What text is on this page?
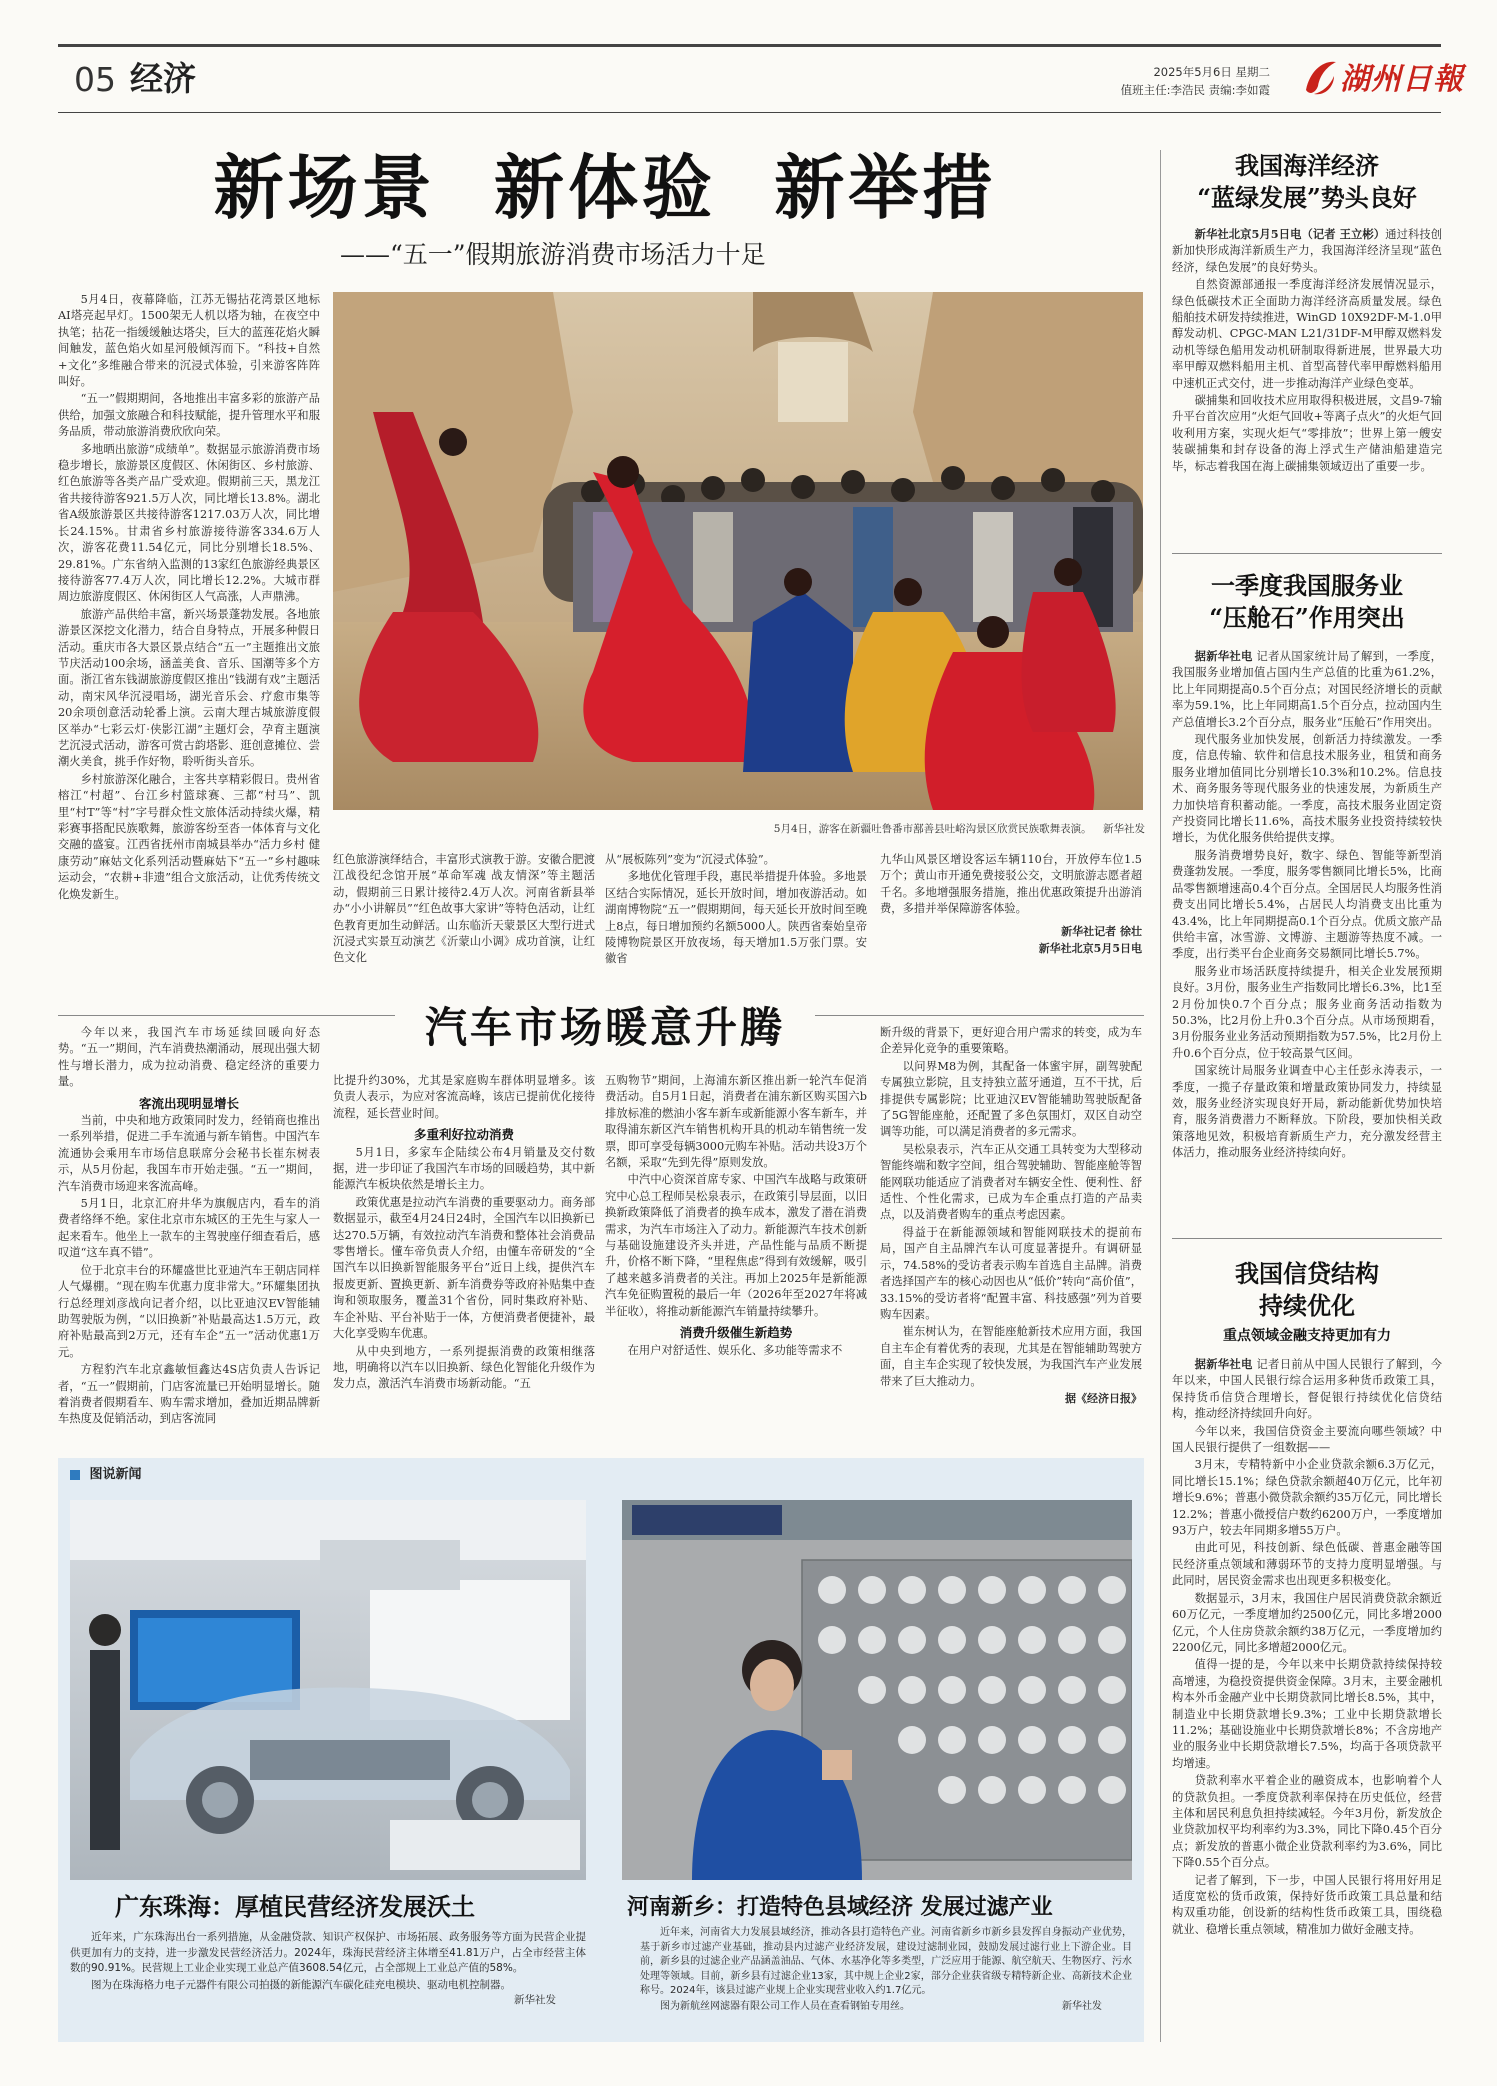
05 经济	2025年5月6日 星期二
值班主任:李浩民 责编:李如霞 湖州日報
新场景 新体验 新举措
——“五一”假期旅游消费市场活力十足

5月4日，夜幕降临，江苏无锡拈花湾景区地标AI塔亮起早灯。1500架无人机以塔为轴，在夜空中执笔；拈花一指缓缓触达塔尖，巨大的蓝莲花焰火瞬间触发，蓝色焰火如星河般倾泻而下。“科技+自然+文化”多维融合带来的沉浸式体验，引来游客阵阵叫好。

“五一”假期期间，各地推出丰富多彩的旅游产品供给，加强文旅融合和科技赋能，提升管理水平和服务品质，带动旅游消费欣欣向荣。

多地晒出旅游“成绩单”。数据显示旅游消费市场稳步增长，旅游景区度假区、休闲街区、乡村旅游、红色旅游等各类产品广受欢迎。假期前三天，黑龙江省共接待游客921.5万人次，同比增长13.8%。湖北省A级旅游景区共接待游客1217.03万人次，同比增长24.15%。甘肃省乡村旅游接待游客334.6万人次，游客花费11.54亿元，同比分别增长18.5%、29.81%。广东省纳入监测的13家红色旅游经典景区接待游客77.4万人次，同比增长12.2%。大城市群周边旅游度假区、休闲街区人气高涨，人声鼎沸。

旅游产品供给丰富，新兴场景蓬勃发展。各地旅游景区深挖文化潜力，结合自身特点，开展多种假日活动。重庆市各大景区景点结合“五一”主题推出文旅节庆活动100余场，涵盖美食、音乐、国潮等多个方面。浙江省东钱湖旅游度假区推出“钱湖有戏”主题活动，南宋风华沉浸唱场，湖光音乐会、疗愈市集等20余项创意活动轮番上演。云南大理古城旅游度假区举办“七彩云灯·侠影江湖”主题灯会，孕育主题演艺沉浸式活动，游客可赏古韵塔影、逛创意摊位、尝潮火美食，挑手作好物，聆听街头音乐。

乡村旅游深化融合，主客共享精彩假日。贵州省榕江“村超”、台江乡村篮球赛、三都“村马”、凯里“村T”等“村”字号群众性文旅体活动持续火爆，精彩赛事搭配民族歌舞，旅游客纷至沓一体体育与文化交融的盛宴。江西省抚州市南城县举办“活力乡村 健康劳动”麻姑文化系列活动暨麻姑下“五一”乡村趣味运动会，“农耕+非遗”组合文旅活动，让优秀传统文化焕发新生。

5月4日，游客在新疆吐鲁番市鄯善县吐峪沟景区欣赏民族歌舞表演。 新华社发

红色旅游演绎结合，丰富形式演教于游。安徽合肥渡江战役纪念馆开展“革命军魂 战友情深”等主题活动，假期前三日累计接待2.4万人次。河南省新县举办“小小讲解员”“红色故事大家讲”等特色活动，让红色教育更加生动鲜活。山东临沂天蒙景区大型行进式沉浸式实景互动演艺《沂蒙山小调》成功首演，让红色文化

从“展板陈列”变为“沉浸式体验”。

多地优化管理手段，惠民举措提升体验。多地景区结合实际情况，延长开放时间，增加夜游活动。如湖南博物院“五一”假期期间，每天延长开放时间至晚上8点，每日增加预约名额5000人。陕西省秦始皇帝陵博物院景区开放夜场，每天增加1.5万张门票。安徽省

九华山风景区增设客运车辆110台，开放停车位1.5万个；黄山市开通免费接驳公交，文明旅游志愿者超千名。多地增强服务措施，推出优惠政策提升出游消费，多措并举保障游客体验。

新华社记者 徐壮

新华社北京5月5日电

汽车市场暖意升腾

今年以来，我国汽车市场延续回暖向好态势。“五一”期间，汽车消费热潮涌动，展现出强大韧性与增长潜力，成为拉动消费、稳定经济的重要力量。

客流出现明显增长

当前，中央和地方政策同时发力，经销商也推出一系列举措，促进二手车流通与新车销售。中国汽车流通协会乘用车市场信息联席分会秘书长崔东树表示，从5月份起，我国车市开始走强。“五一”期间，汽车消费市场迎来客流高峰。

5月1日，北京汇府井华为旗舰店内，看车的消费者络绎不绝。家住北京市东城区的王先生与家人一起来看车。他坐上一款车的主驾驶座仔细查看后，感叹道“这车真不错”。

位于北京丰台的环耀盛世比亚迪汽车王朝店同样人气爆棚。“现在购车优惠力度非常大。”环耀集团执行总经理刘彦战向记者介绍，以比亚迪汉EV智能辅助驾驶版为例，“以旧换新”补贴最高达1.5万元，政府补贴最高到2万元，还有车企“五一”活动优惠1万元。

方程豹汽车北京鑫敏恒鑫达4S店负责人告诉记者，“五一”假期前，门店客流量已开始明显增长。随着消费者假期看车、购车需求增加，叠加近期品牌新车热度及促销活动，到店客流同

比提升约30%，尤其是家庭购车群体明显增多。该负责人表示，为应对客流高峰，该店已提前优化接待流程，延长营业时间。

多重利好拉动消费

5月1日，多家车企陆续公布4月销量及交付数据，进一步印证了我国汽车市场的回暖趋势，其中新能源汽车板块依然是增长主力。

政策优惠是拉动汽车消费的重要驱动力。商务部数据显示，截至4月24日24时，全国汽车以旧换新已达270.5万辆，有效拉动汽车消费和整体社会消费品零售增长。懂车帝负责人介绍，由懂车帝研发的“全国汽车以旧换新智能服务平台”近日上线，提供汽车报废更新、置换更新、新车消费券等政府补贴集中查询和领取服务，覆盖31个省份，同时集政府补贴、车企补贴、平台补贴于一体，方便消费者便捷补，最大化享受购车优惠。

从中央到地方，一系列提振消费的政策相继落地，明确将以汽车以旧换新、绿色化智能化升级作为发力点，激活汽车消费市场新动能。“五

五购物节”期间，上海浦东新区推出新一轮汽车促消费活动。自5月1日起，消费者在浦东新区购买国六b排放标准的燃油小客车新车或新能源小客车新车，并取得浦东新区汽车销售机构开具的机动车销售统一发票，即可享受每辆3000元购车补贴。活动共设3万个名额，采取“先到先得”原则发放。

中汽中心资深首席专家、中国汽车战略与政策研究中心总工程师吴松泉表示，在政策引导层面，以旧换新政策降低了消费者的换车成本，激发了潜在消费需求，为汽车市场注入了动力。新能源汽车技术创新与基础设施建设齐头并进，产品性能与品质不断提升，价格不断下降，“里程焦虑”得到有效缓解，吸引了越来越多消费者的关注。再加上2025年是新能源汽车免征购置税的最后一年（2026年至2027年将减半征收），将推动新能源汽车销量持续攀升。

消费升级催生新趋势

在用户对舒适性、娱乐化、多功能等需求不

断升级的背景下，更好迎合用户需求的转变，成为车企差异化竞争的重要策略。

以问界M8为例，其配备一体蜜宇屏，副驾驶配专属独立影院，且支持独立蓝牙通道，互不干扰，后排提供专属影院；比亚迪汉EV智能辅助驾驶版配备了5G智能座舱，还配置了多色氛围灯，双区自动空调等功能，可以满足消费者的多元需求。

吴松泉表示，汽车正从交通工具转变为大型移动智能终端和数字空间，组合驾驶辅助、智能座舱等智能网联功能适应了消费者对车辆安全性、便利性、舒适性、个性化需求，已成为车企重点打造的产品卖点，以及消费者购车的重点考虑因素。

得益于在新能源领域和智能网联技术的提前布局，国产自主品牌汽车认可度显著提升。有调研显示，74.58%的受访者表示购车首选自主品牌。消费者选择国产车的核心动因也从“低价”转向“高价值”，33.15%的受访者将“配置丰富、科技感强”列为首要购车因素。

崔东树认为，在智能座舱新技术应用方面，我国自主车企有着优秀的表现，尤其是在智能辅助驾驶方面，自主车企实现了较快发展，为我国汽车产业发展带来了巨大推动力。

据《经济日报》

图说新闻
广东珠海：厚植民营经济发展沃土

近年来，广东珠海出台一系列措施，从金融贷款、知识产权保护、市场拓展、政务服务等方面为民营企业提供更加有力的支持，进一步激发民营经济活力。2024年，珠海民营经济主体增至41.81万户，占全市经营主体数的90.91%。民营规上工业企业实现工业总产值3608.54亿元，占全部规上工业总产值的58%。

图为在珠海格力电子元器件有限公司拍摄的新能源汽车碳化硅充电模块、驱动电机控制器。
新华社发

河南新乡：打造特色县域经济 发展过滤产业

近年来，河南省大力发展县域经济，推动各县打造特色产业。河南省新乡市新乡县发挥自身振动产业优势，基于新乡市过滤产业基础，推动县内过滤产业经济发展，建设过滤制业园，鼓励发展过滤行业上下游企业。目前，新乡县的过滤企业产品涵盖油品、气体、水基净化等多类型，广泛应用于能源、航空航天、生物医疗、污水处理等领域。目前，新乡县有过滤企业13家，其中规上企业2家，部分企业获省级专精特新企业、高新技术企业称号。2024年，该县过滤产业规上企业实现营业收入约1.7亿元。

图为新航丝网滤器有限公司工作人员在查看钢铂专用丝。	新华社发

我国海洋经济
“蓝绿发展”势头良好

新华社北京5月5日电（记者 王立彬）通过科技创新加快形成海洋新质生产力，我国海洋经济呈现“蓝色经济，绿色发展”的良好势头。

自然资源部通报一季度海洋经济发展情况显示，绿色低碳技术正全面助力海洋经济高质量发展。绿色船舶技术研发持续推进，WinGD 10X92DF-M-1.0甲醇发动机、CPGC-MAN L21/31DF-M甲醇双燃料发动机等绿色船用发动机研制取得新进展，世界最大功率甲醇双燃料船用主机、首型高替代率甲醇燃料船用中速机正式交付，进一步推动海洋产业绿色变革。

碳捕集和回收技术应用取得积极进展，文昌9-7输升平台首次应用“火炬气回收+等离子点火”的火炬气回收利用方案，实现火炬气“零排放”；世界上第一艘安装碳捕集和封存设备的海上浮式生产储油船建造完毕，标志着我国在海上碳捕集领域迈出了重要一步。

一季度我国服务业
“压舱石”作用突出

据新华社电 记者从国家统计局了解到，一季度，我国服务业增加值占国内生产总值的比重为61.2%，比上年同期提高0.5个百分点；对国民经济增长的贡献率为59.1%，比上年同期高1.5个百分点，拉动国内生产总值增长3.2个百分点，服务业“压舱石”作用突出。

现代服务业加快发展，创新活力持续激发。一季度，信息传输、软件和信息技术服务业，租赁和商务服务业增加值同比分别增长10.3%和10.2%。信息技术、商务服务等现代服务业的快速发展，为新质生产力加快培育积蓄动能。一季度，高技术服务业固定资产投资同比增长11.6%，高技术服务业投资持续较快增长，为优化服务供给提供支撑。

服务消费增势良好，数字、绿色、智能等新型消费蓬勃发展。一季度，服务零售额同比增长5%，比商品零售额增速高0.4个百分点。全国居民人均服务性消费支出同比增长5.4%，占居民人均消费支出比重为43.4%，比上年同期提高0.1个百分点。优质文旅产品供给丰富，冰雪游、文博游、主题游等热度不减。一季度，出行类平台企业商务交易额同比增长5.7%。

服务业市场活跃度持续提升，相关企业发展预期良好。3月份，服务业生产指数同比增长6.3%，比1至2月份加快0.7个百分点；服务业商务活动指数为50.3%，比2月份上升0.3个百分点。从市场预期看，3月份服务业业务活动预期指数为57.5%，比2月份上升0.6个百分点，位于较高景气区间。

国家统计局服务业调查中心主任彭永涛表示，一季度，一揽子存量政策和增量政策协同发力，持续显效，服务业经济实现良好开局，新动能新优势加快培育，服务消费潜力不断释放。下阶段，要加快相关政策落地见效，积极培育新质生产力，充分激发经营主体活力，推动服务业经济持续向好。

我国信贷结构
持续优化
重点领域金融支持更加有力

据新华社电 记者日前从中国人民银行了解到，今年以来，中国人民银行综合运用多种货币政策工具，保持货币信贷合理增长，督促银行持续优化信贷结构，推动经济持续回升向好。

今年以来，我国信贷资金主要流向哪些领域？中国人民银行提供了一组数据——

3月末，专精特新中小企业贷款余额6.3万亿元，同比增长15.1%；绿色贷款余额超40万亿元，比年初增长9.6%；普惠小微贷款余额约35万亿元，同比增长12.2%；普惠小微授信户数约6200万户，一季度增加93万户，较去年同期多增55万户。

由此可见，科技创新、绿色低碳、普惠金融等国民经济重点领域和薄弱环节的支持力度明显增强。与此同时，居民资金需求也出现更多积极变化。

数据显示，3月末，我国住户居民消费贷款余额近60万亿元，一季度增加约2500亿元，同比多增2000亿元，个人住房贷款余额约38万亿元，一季度增加约2200亿元，同比多增超2000亿元。

值得一提的是，今年以来中长期贷款持续保持较高增速，为稳投资提供资金保障。3月末，主要金融机构本外币金融产业中长期贷款同比增长8.5%，其中，制造业中长期贷款增长9.3%；工业中长期贷款增长11.2%；基础设施业中长期贷款增长8%；不含房地产业的服务业中长期贷款增长7.5%，均高于各项贷款平均增速。

贷款利率水平着企业的融资成本，也影响着个人的贷款负担。一季度贷款利率保持在历史低位，经营主体和居民利息负担持续减轻。今年3月份，新发放企业贷款加权平均利率约为3.3%，同比下降0.45个百分点；新发放的普惠小微企业贷款利率约为3.6%，同比下降0.55个百分点。

记者了解到，下一步，中国人民银行将用好用足适度宽松的货币政策，保持好货币政策工具总量和结构双重功能，创设新的结构性货币政策工具，围绕稳就业、稳增长重点领域，精准加力做好金融支持。
